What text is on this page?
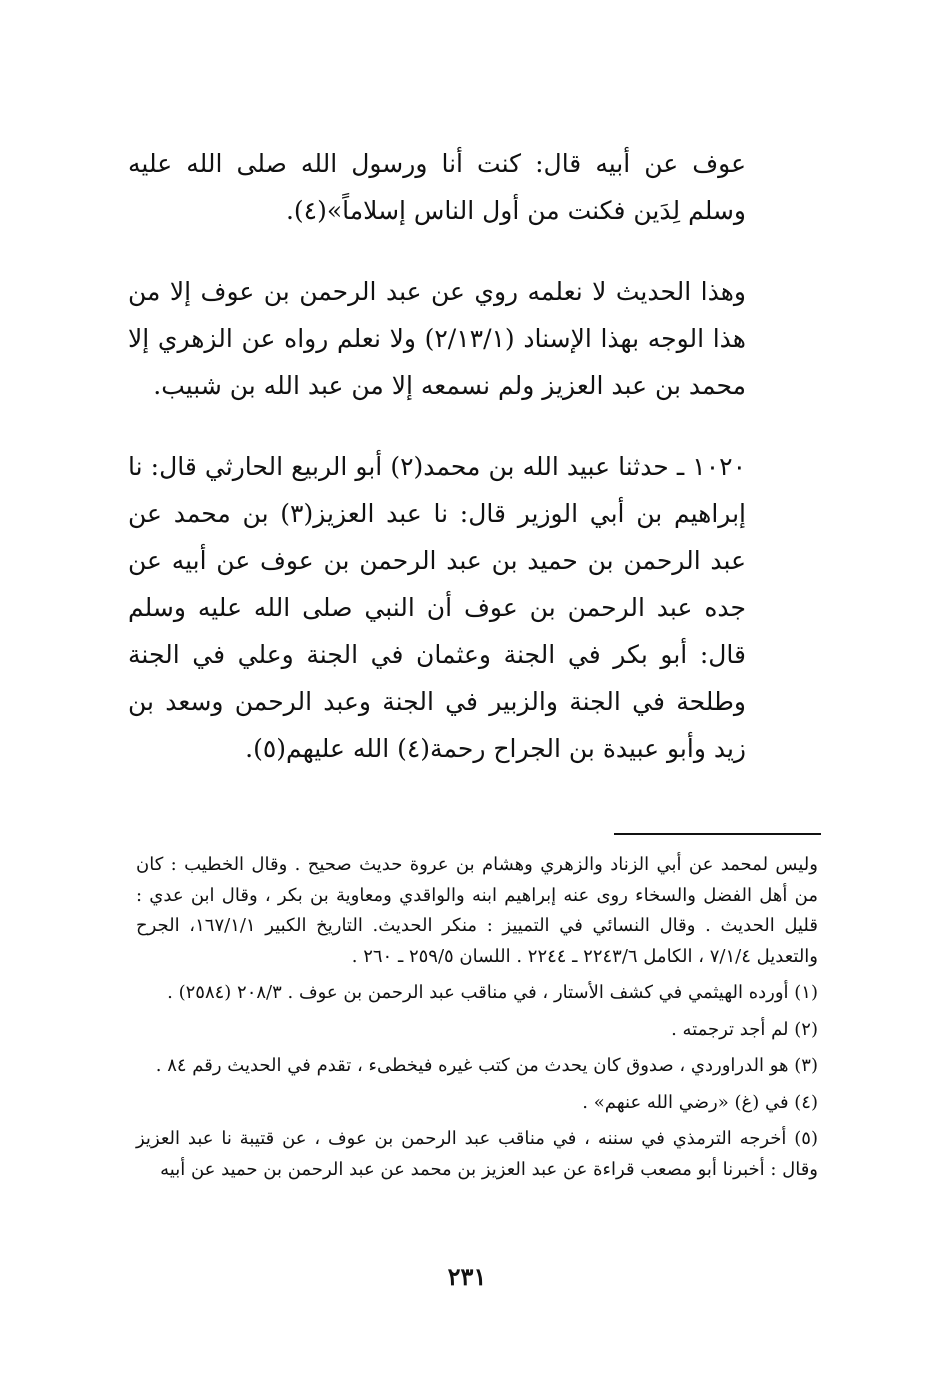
عوف عن أبيه قال: كنت أنا ورسول الله صلى الله عليه وسلم لِدَين فكنت من أول الناس إسلاماً»(٤).

وهذا الحديث لا نعلمه روي عن عبد الرحمن بن عوف إلا من هذا الوجه بهذا الإسناد (٢/١٣/١) ولا نعلم رواه عن الزهري إلا محمد بن عبد العزيز ولم نسمعه إلا من عبد الله بن شبيب.

١٠٢٠ ـ حدثنا عبيد الله بن محمد(٢) أبو الربيع الحارثي قال: نا إبراهيم بن أبي الوزير قال: نا عبد العزيز(٣) بن محمد عن عبد الرحمن بن حميد بن عبد الرحمن بن عوف عن أبيه عن جده عبد الرحمن بن عوف أن النبي صلى الله عليه وسلم قال: أبو بكر في الجنة وعثمان في الجنة وعلي في الجنة وطلحة في الجنة والزبير في الجنة وعبد الرحمن وسعد بن زيد وأبو عبيدة بن الجراح رحمة(٤) الله عليهم(٥).

وليس لمحمد عن أبي الزناد والزهري وهشام بن عروة حديث صحيح . وقال الخطيب : كان من أهل الفضل والسخاء روى عنه إبراهيم ابنه والواقدي ومعاوية بن بكر ، وقال ابن عدي : قليل الحديث . وقال النسائي في التمييز : منكر الحديث. التاريخ الكبير ١٦٧/١/١، الجرح والتعديل ٧/١/٤ ، الكامل ٢٢٤٣/٦ ـ ٢٢٤٤ . اللسان ٢٥٩/٥ ـ ٢٦٠ .

(١) أورده الهيثمي في كشف الأستار ، في مناقب عبد الرحمن بن عوف . ٢٠٨/٣ (٢٥٨٤) .

(٢) لم أجد ترجمته .

(٣) هو الدراوردي ، صدوق كان يحدث من كتب غيره فيخطىء ، تقدم في الحديث رقم ٨٤ .

(٤) في (غ) «رضي الله عنهم» .

(٥) أخرجه الترمذي في سننه ، في مناقب عبد الرحمن بن عوف ، عن قتيبة نا عبد العزيز وقال : أخبرنا أبو مصعب قراءة عن عبد العزيز بن محمد عن عبد الرحمن بن حميد عن أبيه

٢٣١
